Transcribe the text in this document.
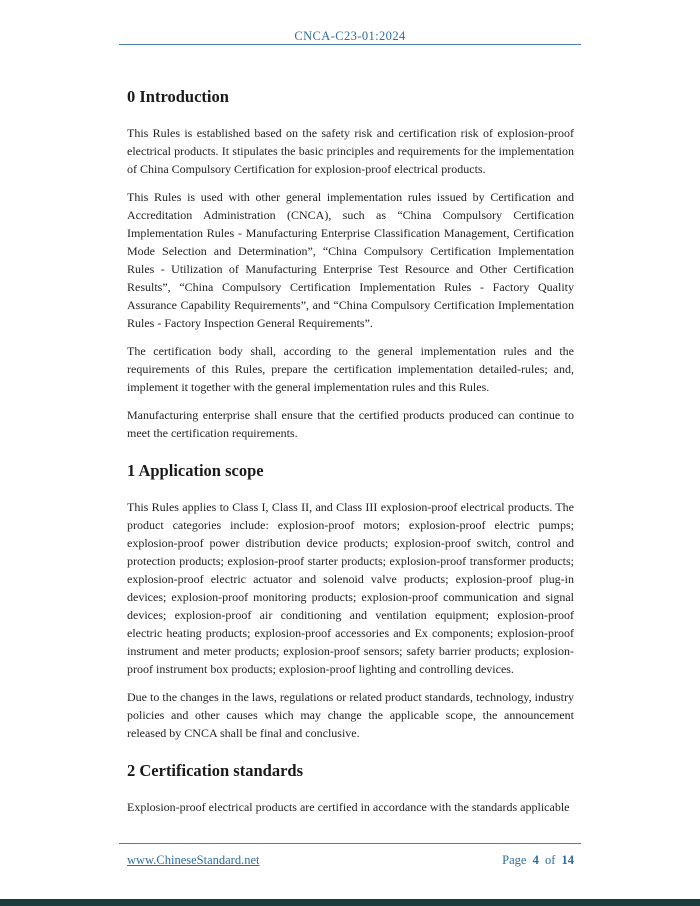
CNCA-C23-01:2024
0 Introduction

This Rules is established based on the safety risk and certification risk of explosion-proof electrical products. It stipulates the basic principles and requirements for the implementation of China Compulsory Certification for explosion-proof electrical products.

This Rules is used with other general implementation rules issued by Certification and Accreditation Administration (CNCA), such as “China Compulsory Certification Implementation Rules - Manufacturing Enterprise Classification Management, Certification Mode Selection and Determination”, “China Compulsory Certification Implementation Rules - Utilization of Manufacturing Enterprise Test Resource and Other Certification Results”, “China Compulsory Certification Implementation Rules - Factory Quality Assurance Capability Requirements”, and “China Compulsory Certification Implementation Rules - Factory Inspection General Requirements”.

The certification body shall, according to the general implementation rules and the requirements of this Rules, prepare the certification implementation detailed-rules; and, implement it together with the general implementation rules and this Rules.

Manufacturing enterprise shall ensure that the certified products produced can continue to meet the certification requirements.

1 Application scope

This Rules applies to Class I, Class II, and Class III explosion-proof electrical products. The product categories include: explosion-proof motors; explosion-proof electric pumps; explosion-proof power distribution device products; explosion-proof switch, control and protection products; explosion-proof starter products; explosion-proof transformer products; explosion-proof electric actuator and solenoid valve products; explosion-proof plug-in devices; explosion-proof monitoring products; explosion-proof communication and signal devices; explosion-proof air conditioning and ventilation equipment; explosion-proof electric heating products; explosion-proof accessories and Ex components; explosion-proof instrument and meter products; explosion-proof sensors; safety barrier products; explosion-proof instrument box products; explosion-proof lighting and controlling devices.

Due to the changes in the laws, regulations or related product standards, technology, industry policies and other causes which may change the applicable scope, the announcement released by CNCA shall be final and conclusive.

2 Certification standards

Explosion-proof electrical products are certified in accordance with the standards applicable

www.ChineseStandard.net	Page 4 of 14
